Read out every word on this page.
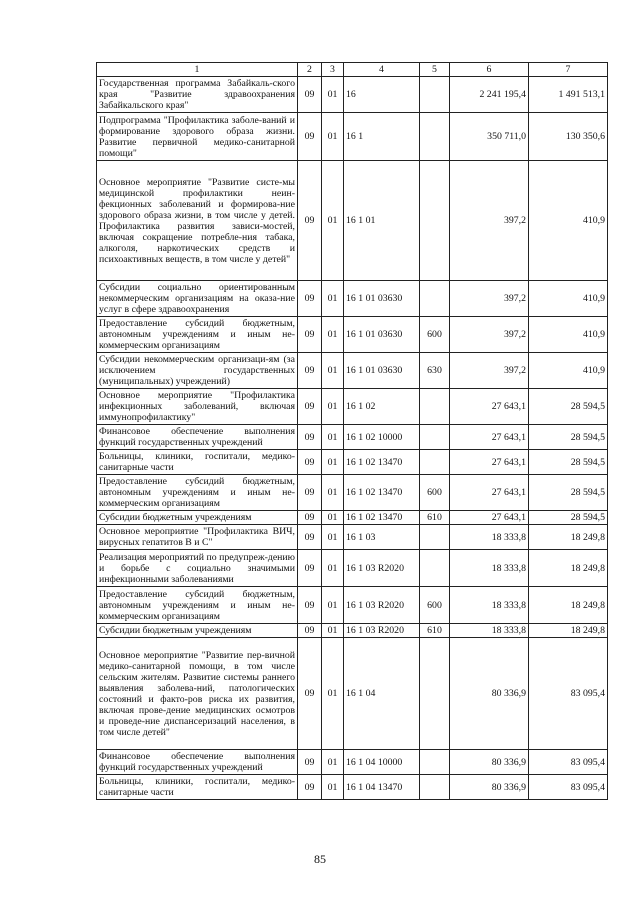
1	2	3	4	5	6	7
Государственная программа Забайкаль-ского края "Развитие здравоохранения Забайкальского края"	09	01	16		2 241 195,4	1 491 513,1
Подпрограмма "Профилактика заболе-ваний и формирование здорового образа жизни. Развитие первичной медико-санитарной помощи"	09	01	16 1		350 711,0	130 350,6
Основное мероприятие "Развитие систе-мы медицинской профилактики неин-фекционных заболеваний и формирова-ние здорового образа жизни, в том числе у детей. Профилактика развития зависи-мостей, включая сокращение потребле-ния табака, алкоголя, наркотических средств и психоактивных веществ, в том числе у детей"	09	01	16 1 01		397,2	410,9
Субсидии социально ориентированным некоммерческим организациям на оказа-ние услуг в сфере здравоохранения	09	01	16 1 01 03630		397,2	410,9
Предоставление субсидий бюджетным, автономным учреждениям и иным не-коммерческим организациям	09	01	16 1 01 03630	600	397,2	410,9
Субсидии некоммерческим организаци-ям (за исключением государственных (муниципальных) учреждений)	09	01	16 1 01 03630	630	397,2	410,9
Основное мероприятие "Профилактика инфекционных заболеваний, включая иммунопрофилактику"	09	01	16 1 02		27 643,1	28 594,5
Финансовое обеспечение выполнения функций государственных учреждений	09	01	16 1 02 10000		27 643,1	28 594,5
Больницы, клиники, госпитали, медико-санитарные части	09	01	16 1 02 13470		27 643,1	28 594,5
Предоставление субсидий бюджетным, автономным учреждениям и иным не-коммерческим организациям	09	01	16 1 02 13470	600	27 643,1	28 594,5
Субсидии бюджетным учреждениям	09	01	16 1 02 13470	610	27 643,1	28 594,5
Основное мероприятие "Профилактика ВИЧ, вирусных гепатитов В и С"	09	01	16 1 03		18 333,8	18 249,8
Реализация мероприятий по предупреж-дению и борьбе с социально значимыми инфекционными заболеваниями	09	01	16 1 03 R2020		18 333,8	18 249,8
Предоставление субсидий бюджетным, автономным учреждениям и иным не-коммерческим организациям	09	01	16 1 03 R2020	600	18 333,8	18 249,8
Субсидии бюджетным учреждениям	09	01	16 1 03 R2020	610	18 333,8	18 249,8
Основное мероприятие "Развитие пер-вичной медико-санитарной помощи, в том числе сельским жителям. Развитие системы раннего выявления заболева-ний, патологических состояний и факто-ров риска их развития, включая прове-дение медицинских осмотров и проведе-ние диспансеризаций населения, в том числе детей"	09	01	16 1 04		80 336,9	83 095,4
Финансовое обеспечение выполнения функций государственных учреждений	09	01	16 1 04 10000		80 336,9	83 095,4
Больницы, клиники, госпитали, медико-санитарные части	09	01	16 1 04 13470		80 336,9	83 095,4
85
